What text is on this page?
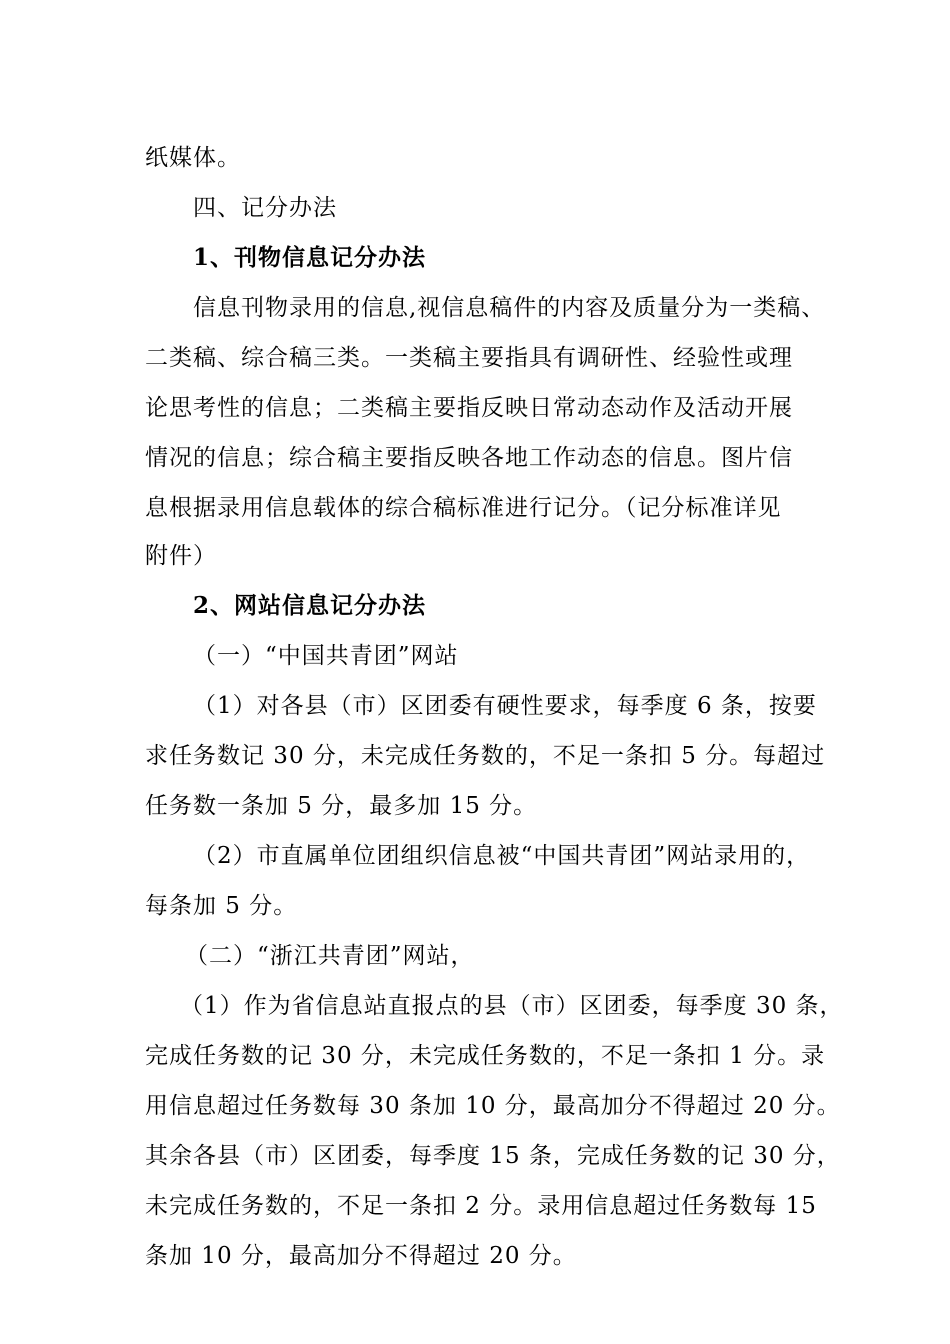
纸媒体。
四、记分办法
1、刊物信息记分办法
信息刊物录用的信息,视信息稿件的内容及质量分为一类稿、
二类稿、综合稿三类。一类稿主要指具有调研性、经验性或理
论思考性的信息；二类稿主要指反映日常动态动作及活动开展
情况的信息；综合稿主要指反映各地工作动态的信息。图片信
息根据录用信息载体的综合稿标准进行记分。（记分标准详见
附件）
2、网站信息记分办法
（一）“中国共青团”网站
（1）对各县（市）区团委有硬性要求，每季度 6 条，按要
求任务数记 30 分，未完成任务数的，不足一条扣 5 分。每超过
任务数一条加 5 分，最多加 15 分。
（2）市直属单位团组织信息被“中国共青团”网站录用的，
每条加 5 分。
（二）“浙江共青团”网站，
（1）作为省信息站直报点的县（市）区团委，每季度 30 条，
完成任务数的记 30 分，未完成任务数的，不足一条扣 1 分。录
用信息超过任务数每 30 条加 10 分，最高加分不得超过 20 分。
其余各县（市）区团委，每季度 15 条，完成任务数的记 30 分，
未完成任务数的，不足一条扣 2 分。录用信息超过任务数每 15
条加 10 分，最高加分不得超过 20 分。
